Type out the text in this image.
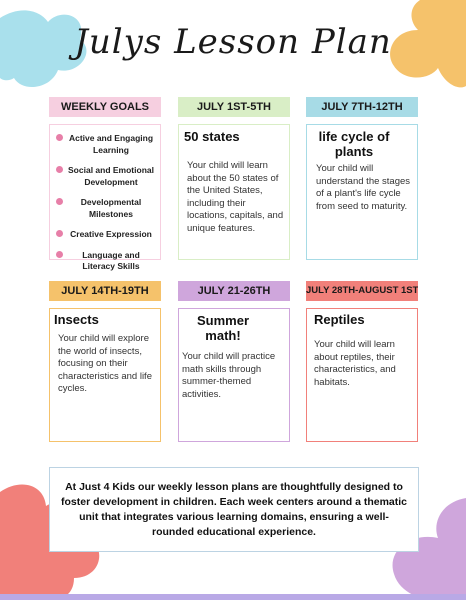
Julys Lesson Plan
WEEKLY GOALS
Active and Engaging Learning
Social and Emotional Development
Developmental Milestones
Creative Expression
Language and Literacy Skills
JULY 1ST-5TH

50 states

Your child will learn about the 50 states of the United States, including their locations, capitals, and unique features.

JULY 7TH-12TH

life cycle of plants

Your child will understand the stages of a plant's life cycle from seed to maturity.

JULY 14TH-19TH

Insects

Your child will explore the world of insects, focusing on their characteristics and life cycles.

JULY 21-26TH

Summer math!

Your child will practice math skills through summer-themed activities.

JULY 28TH-AUGUST 1ST

Reptiles

Your child will learn about reptiles, their characteristics, and habitats.

At Just 4 Kids our weekly lesson plans are thoughtfully designed to foster development in children. Each week centers around a thematic unit that integrates various learning domains, ensuring a well-rounded educational experience.
